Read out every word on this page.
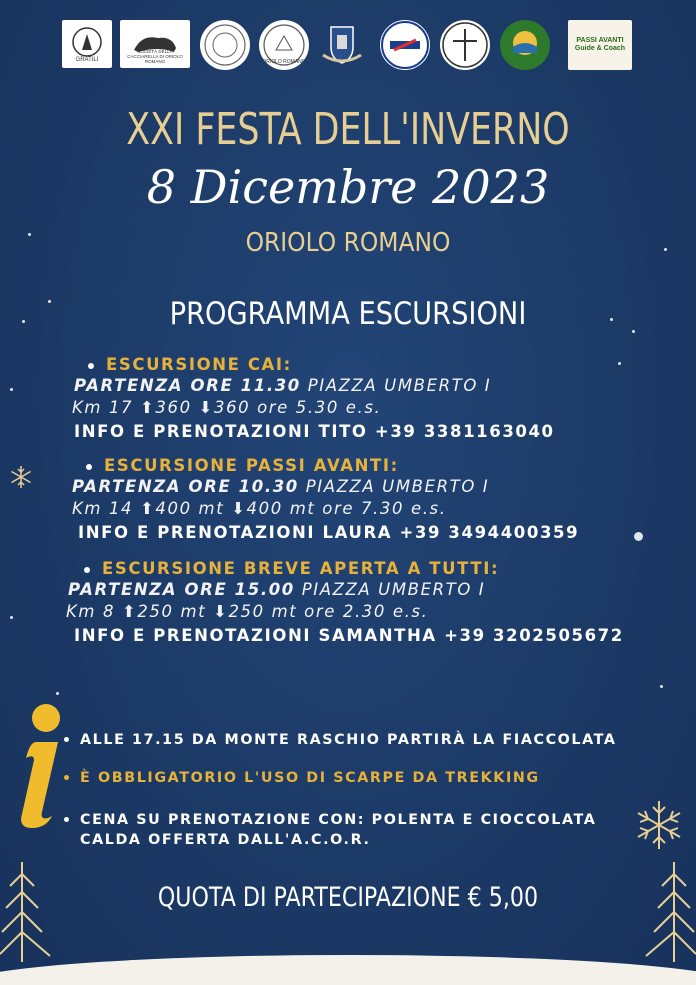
GRATILI
SOCIETÀ DELLA CACCIARELLA DI ORIOLO ROMANO	ORIOLO ROMANO
PASSI AVANTI Guide & Coach
XXI FESTA DELL'INVERNO
8 Dicembre 2023
ORIOLO ROMANO
PROGRAMMA ESCURSIONI
ESCURSIONE CAI:
PARTENZA ORE 11.30 PIAZZA UMBERTO I
Km 17 ⬆360 ⬇360 ore 5.30 e.s.
INFO E PRENOTAZIONI TITO +39 3381163040
ESCURSIONE PASSI AVANTI:
PARTENZA ORE 10.30 PIAZZA UMBERTO I
Km 14 ⬆400 mt ⬇400 mt ore 7.30 e.s.
INFO E PRENOTAZIONI LAURA +39 3494400359
ESCURSIONE BREVE APERTA A TUTTI:
PARTENZA ORE 15.00 PIAZZA UMBERTO I
Km 8 ⬆250 mt ⬇250 mt ore 2.30 e.s.
INFO E PRENOTAZIONI SAMANTHA +39 3202505672
ALLE 17.15 DA MONTE RASCHIO PARTIRÀ LA FIACCOLATA
È OBBLIGATORIO L'USO DI SCARPE DA TREKKING
CENA SU PRENOTAZIONE CON: POLENTA E CIOCCOLATA
CALDA OFFERTA DALL'A.C.O.R.
QUOTA DI PARTECIPAZIONE € 5,00
